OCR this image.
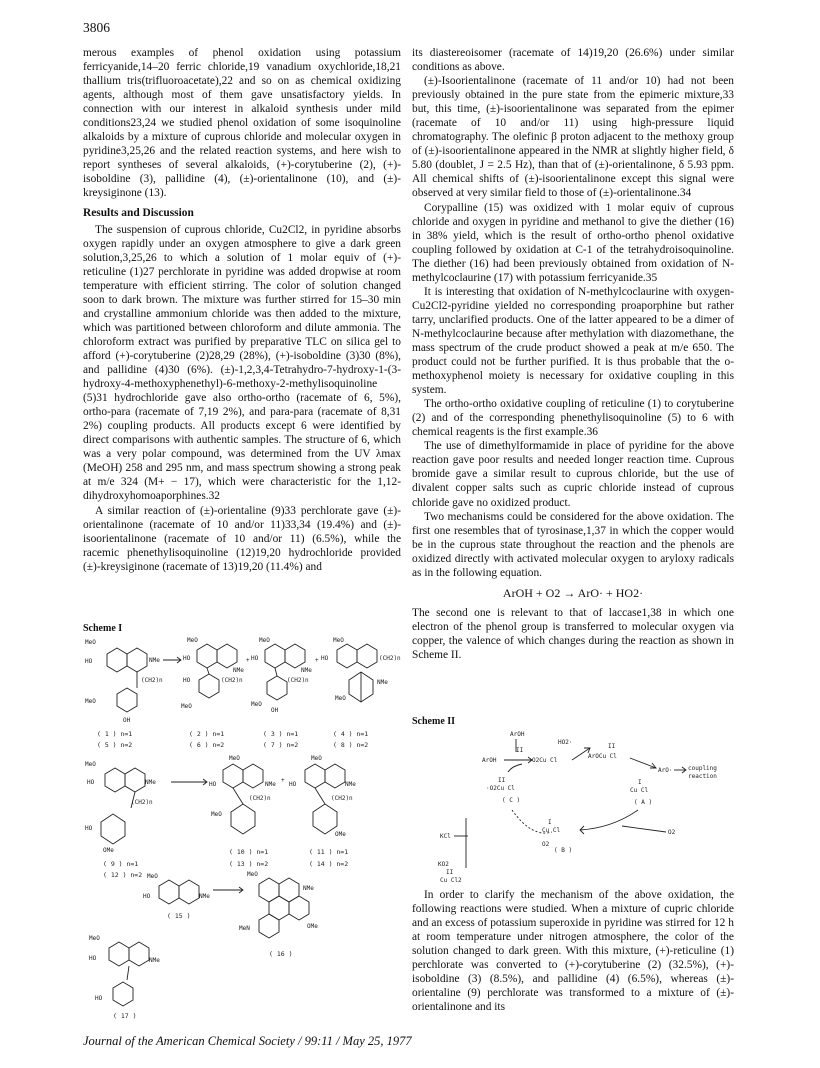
3806

merous examples of phenol oxidation using potassium ferricyanide,14–20 ferric chloride,19 vanadium oxychloride,18,21 thallium tris(trifluoroacetate),22 and so on as chemical oxidizing agents, although most of them gave unsatisfactory yields. In connection with our interest in alkaloid synthesis under mild conditions23,24 we studied phenol oxidation of some isoquinoline alkaloids by a mixture of cuprous chloride and molecular oxygen in pyridine3,25,26 and the related reaction systems, and here wish to report syntheses of several alkaloids, (+)-corytuberine (2), (+)-isoboldine (3), pallidine (4), (±)-orientalinone (10), and (±)-kreysiginone (13).

Results and Discussion

The suspension of cuprous chloride, Cu2Cl2, in pyridine absorbs oxygen rapidly under an oxygen atmosphere to give a dark green solution,3,25,26 to which a solution of 1 molar equiv of (+)-reticuline (1)27 perchlorate in pyridine was added dropwise at room temperature with efficient stirring. The color of solution changed soon to dark brown. The mixture was further stirred for 15–30 min and crystalline ammonium chloride was then added to the mixture, which was partitioned between chloroform and dilute ammonia. The chloroform extract was purified by preparative TLC on silica gel to afford (+)-corytuberine (2)28,29 (28%), (+)-isoboldine (3)30 (8%), and pallidine (4)30 (6%). (±)-1,2,3,4-Tetrahydro-7-hydroxy-1-(3-hydroxy-4-methoxyphenethyl)-6-methoxy-2-methylisoquinoline (5)31 hydrochloride gave also ortho-ortho (racemate of 6, 5%), ortho-para (racemate of 7,19 2%), and para-para (racemate of 8,31 2%) coupling products. All products except 6 were identified by direct comparisons with authentic samples. The structure of 6, which was a very polar compound, was determined from the UV λmax (MeOH) 258 and 295 nm, and mass spectrum showing a strong peak at m/e 324 (M+ − 17), which were characteristic for the 1,12-dihydroxyhomoaporphines.32

A similar reaction of (±)-orientaline (9)33 perchlorate gave (±)-orientalinone (racemate of 10 and/or 11)33,34 (19.4%) and (±)-isoorientalinone (racemate of 10 and/or 11) (6.5%), while the racemic phenethylisoquinoline (12)19,20 hydrochloride provided (±)-kreysiginone (racemate of 13)19,20 (11.4%) and

Scheme I
MeO
HO	NMe
(CH2)n
MeO
OH
( 1 ) n=1
( 5 ) n=2
MeO
HO
NMe
(CH2)n
HO
MeO
( 2 ) n=1
( 6 ) n=2
+
MeO
HO
NMe
(CH2)n
MeO
OH
( 3 ) n=1
( 7 ) n=2
+
MeO
HO	(CH2)n
NMe
MeO
( 4 ) n=1
( 8 ) n=2
MeO
HO	NMe
(CH2)n
HO
OMe
( 9 ) n=1
( 12 ) n=2
MeO
HO	NMe
(CH2)n
MeO
( 10 ) n=1
( 13 ) n=2
+
MeO
HO	NMe
(CH2)n
OMe
( 11 ) n=1
( 14 ) n=2
MeO
HO	NMe
( 15 )
MeO
NMe
MeN	OMe
( 16 )
MeO
HO	NMe
HO
( 17 )

its diastereoisomer (racemate of 14)19,20 (26.6%) under similar conditions as above.

(±)-Isoorientalinone (racemate of 11 and/or 10) had not been previously obtained in the pure state from the epimeric mixture,33 but, this time, (±)-isoorientalinone was separated from the epimer (racemate of 10 and/or 11) using high-pressure liquid chromatography. The olefinic β proton adjacent to the methoxy group of (±)-isoorientalinone appeared in the NMR at slightly higher field, δ 5.80 (doublet, J = 2.5 Hz), than that of (±)-orientalinone, δ 5.93 ppm. All chemical shifts of (±)-isoorientalinone except this signal were observed at very similar field to those of (±)-orientalinone.34

Corypalline (15) was oxidized with 1 molar equiv of cuprous chloride and oxygen in pyridine and methanol to give the diether (16) in 38% yield, which is the result of ortho-ortho phenol oxidative coupling followed by oxidation at C-1 of the tetrahydroisoquinoline. The diether (16) had been previously obtained from oxidation of N-methylcoclaurine (17) with potassium ferricyanide.35

It is interesting that oxidation of N-methylcoclaurine with oxygen-Cu2Cl2-pyridine yielded no corresponding proaporphine but rather tarry, unclarified products. One of the latter appeared to be a dimer of N-methylcoclaurine because after methylation with diazomethane, the mass spectrum of the crude product showed a peak at m/e 650. The product could not be further purified. It is thus probable that the o-methoxyphenol moiety is necessary for oxidative coupling in this system.

The ortho-ortho oxidative coupling of reticuline (1) to corytuberine (2) and of the corresponding phenethylisoquinoline (5) to 6 with chemical reagents is the first example.36

The use of dimethylformamide in place of pyridine for the above reaction gave poor results and needed longer reaction time. Cuprous bromide gave a similar result to cuprous chloride, but the use of divalent copper salts such as cupric chloride instead of cuprous chloride gave no oxidized product.

Two mechanisms could be considered for the above oxidation. The first one resembles that of tyrosinase,1,37 in which the copper would be in the cuprous state throughout the reaction and the phenols are oxidized directly with activated molecular oxygen to aryloxy radicals as in the following equation.

ArOH + O2 → ArO· + HO2·

The second one is relevant to that of laccase1,38 in which one electron of the phenol group is transferred to molecular oxygen via copper, the valence of which changes during the reaction as shown in Scheme II.

Scheme II
ArOH
HO2·
II
II
ArOH	O2Cu Cl
ArOCu Cl
ArO·	coupling
reaction
II
·O2Cu Cl
( C )
I
Cu Cl
( A )
I
Cu Cl
O2
( B )
O2
KCl
KO2
II
Cu Cl2

In order to clarify the mechanism of the above oxidation, the following reactions were studied. When a mixture of cupric chloride and an excess of potassium superoxide in pyridine was stirred for 12 h at room temperature under nitrogen atmosphere, the color of the solution changed to dark green. With this mixture, (+)-reticuline (1) perchlorate was converted to (+)-corytuberine (2) (32.5%), (+)-isoboldine (3) (8.5%), and pallidine (4) (6.5%), whereas (±)-orientaline (9) perchlorate was transformed to a mixture of (±)-orientalinone and its

Journal of the American Chemical Society / 99:11 / May 25, 1977
